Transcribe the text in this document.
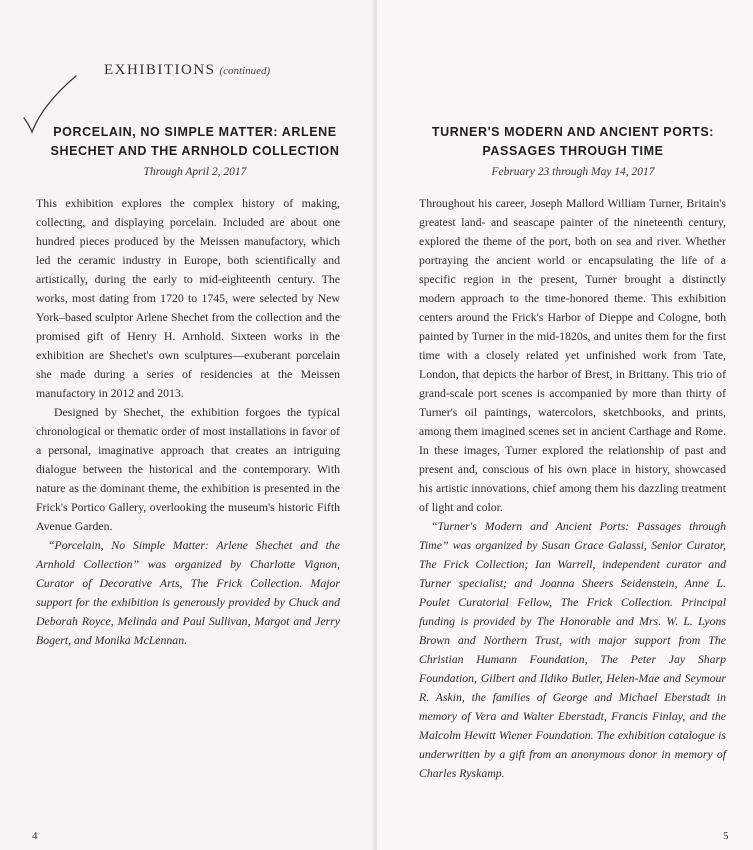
EXHIBITIONS (continued)
PORCELAIN, NO SIMPLE MATTER: ARLENE SHECHET AND THE ARNHOLD COLLECTION
Through April 2, 2017

This exhibition explores the complex history of making, collecting, and displaying porcelain. Included are about one hundred pieces produced by the Meissen manufactory, which led the ceramic industry in Europe, both scientifically and artistically, during the early to mid-eighteenth century. The works, most dating from 1720 to 1745, were selected by New York–based sculptor Arlene Shechet from the collection and the promised gift of Henry H. Arnhold. Sixteen works in the exhibition are Shechet's own sculptures—exuberant porcelain she made during a series of residencies at the Meissen manufactory in 2012 and 2013.

Designed by Shechet, the exhibition forgoes the typical chronological or thematic order of most installations in favor of a personal, imaginative approach that creates an intriguing dialogue between the historical and the contemporary. With nature as the dominant theme, the exhibition is presented in the Frick's Portico Gallery, overlooking the museum's historic Fifth Avenue Garden.

“Porcelain, No Simple Matter: Arlene Shechet and the Arnhold Collection” was organized by Charlotte Vignon, Curator of Decorative Arts, The Frick Collection. Major support for the exhibition is generously provided by Chuck and Deborah Royce, Melinda and Paul Sullivan, Margot and Jerry Bogert, and Monika McLennan.

4
TURNER'S MODERN AND ANCIENT PORTS: PASSAGES THROUGH TIME
February 23 through May 14, 2017

Throughout his career, Joseph Mallord William Turner, Britain's greatest land- and seascape painter of the nineteenth century, explored the theme of the port, both on sea and river. Whether portraying the ancient world or encapsulating the life of a specific region in the present, Turner brought a distinctly modern approach to the time-honored theme. This exhibition centers around the Frick's Harbor of Dieppe and Cologne, both painted by Turner in the mid-1820s, and unites them for the first time with a closely related yet unfinished work from Tate, London, that depicts the harbor of Brest, in Brittany. This trio of grand-scale port scenes is accompanied by more than thirty of Turner's oil paintings, watercolors, sketchbooks, and prints, among them imagined scenes set in ancient Carthage and Rome. In these images, Turner explored the relationship of past and present and, conscious of his own place in history, showcased his artistic innovations, chief among them his dazzling treatment of light and color.

“Turner's Modern and Ancient Ports: Passages through Time” was organized by Susan Grace Galassi, Senior Curator, The Frick Collection; Ian Warrell, independent curator and Turner specialist; and Joanna Sheers Seidenstein, Anne L. Poulet Curatorial Fellow, The Frick Collection. Principal funding is provided by The Honorable and Mrs. W. L. Lyons Brown and Northern Trust, with major support from The Christian Humann Foundation, The Peter Jay Sharp Foundation, Gilbert and Ildiko Butler, Helen-Mae and Seymour R. Askin, the families of George and Michael Eberstadt in memory of Vera and Walter Eberstadt, Francis Finlay, and the Malcolm Hewitt Wiener Foundation. The exhibition catalogue is underwritten by a gift from an anonymous donor in memory of Charles Ryskamp.

5
